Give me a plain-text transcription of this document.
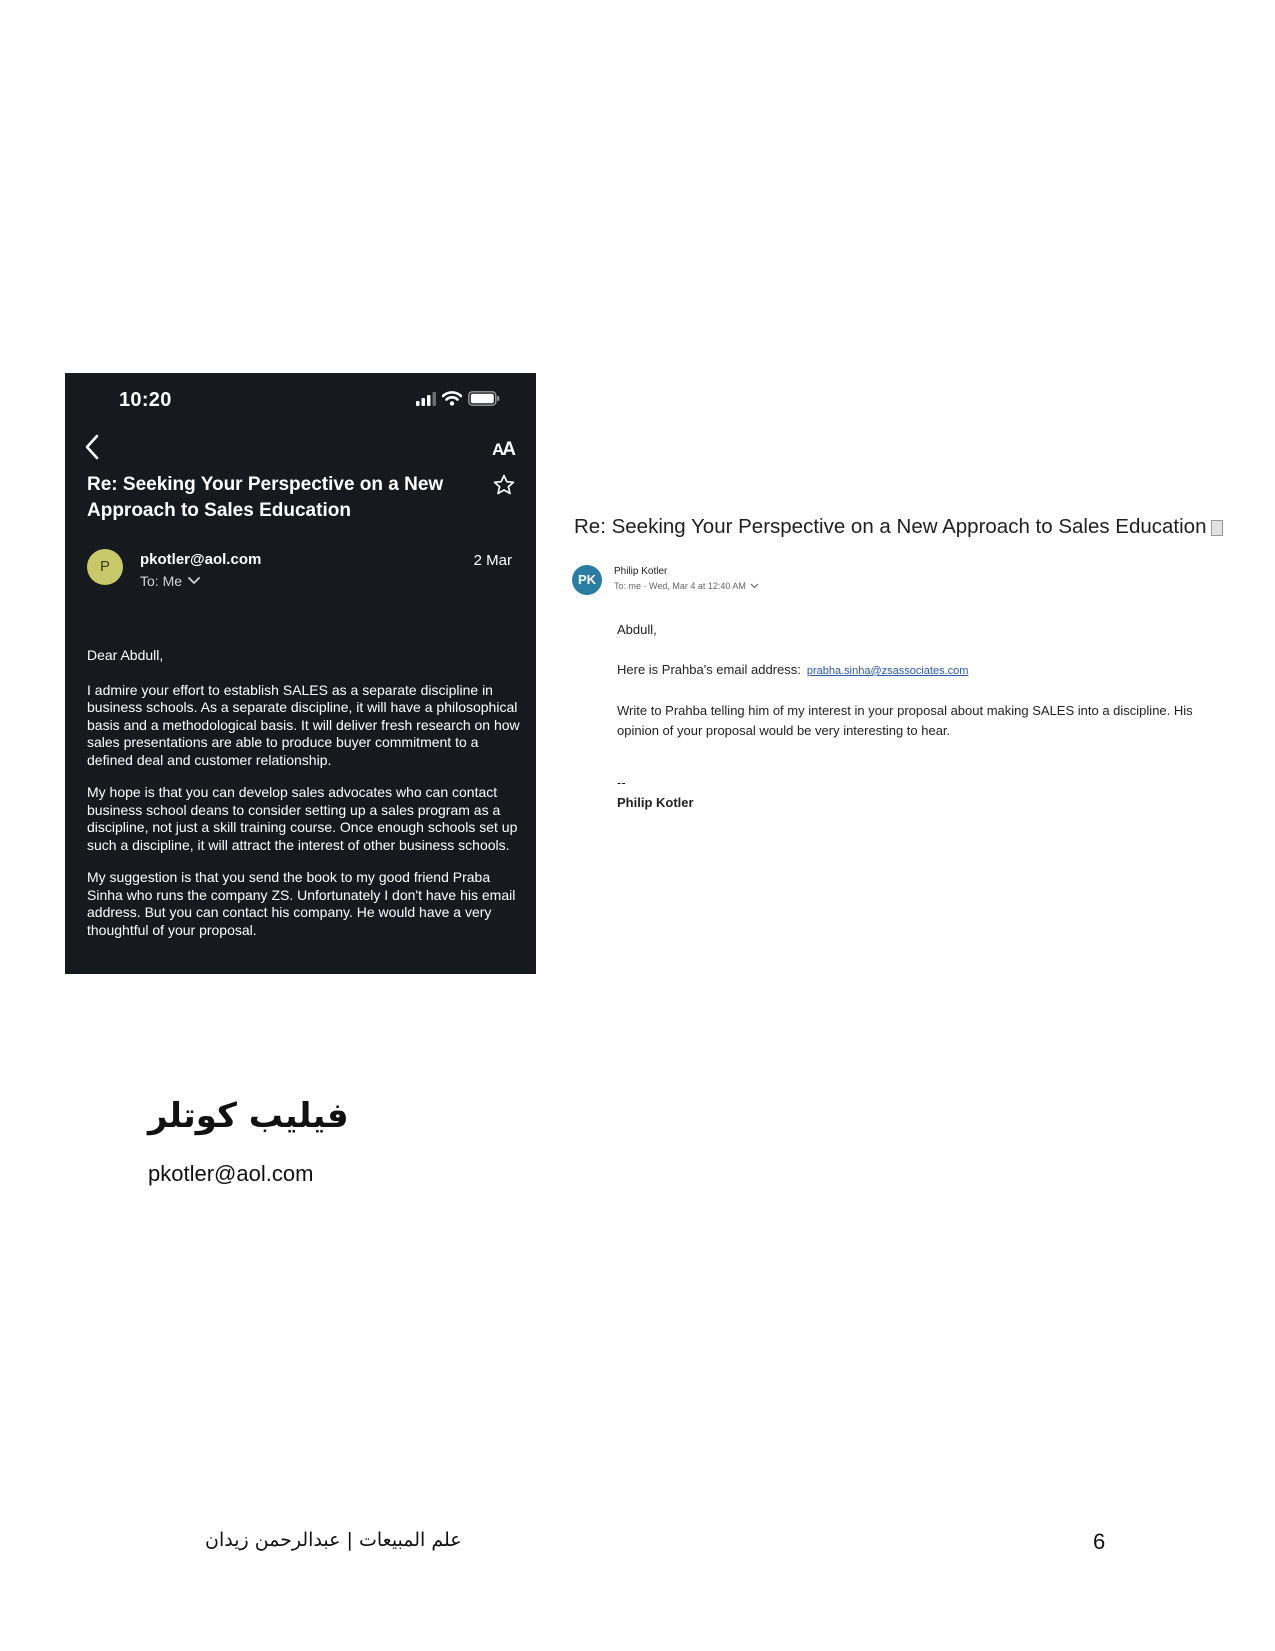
10:20
AA
Re: Seeking Your Perspective on a New Approach to Sales Education
P	pkotler@aol.com
To: Me
2 Mar

Dear Abdull,

I admire your effort to establish SALES as a separate discipline in business schools. As a separate discipline, it will have a philosophical basis and a methodological basis. It will deliver fresh research on how sales presentations are able to produce buyer commitment to a defined deal and customer relationship.

My hope is that you can develop sales advocates who can contact business school deans to consider setting up a sales program as a discipline, not just a skill training course. Once enough schools set up such a discipline, it will attract the interest of other business schools.

My suggestion is that you send the book to my good friend Praba Sinha who runs the company ZS. Unfortunately I don't have his email address. But you can contact his company. He would have a very thoughtful of your proposal.

Re: Seeking Your Perspective on a New Approach to Sales Education
PK
Philip Kotler
To: me · Wed, Mar 4 at 12:40 AM

Abdull,

Here is Prahba's email address: prabha.sinha@zsassociates.com

Write to Prahba telling him of my interest in your proposal about making SALES into a discipline. His opinion of your proposal would be very interesting to hear.

--

Philip Kotler

فيليب كوتلر
pkotler@aol.com
علم المبيعات | عبدالرحمن زيدان	6
